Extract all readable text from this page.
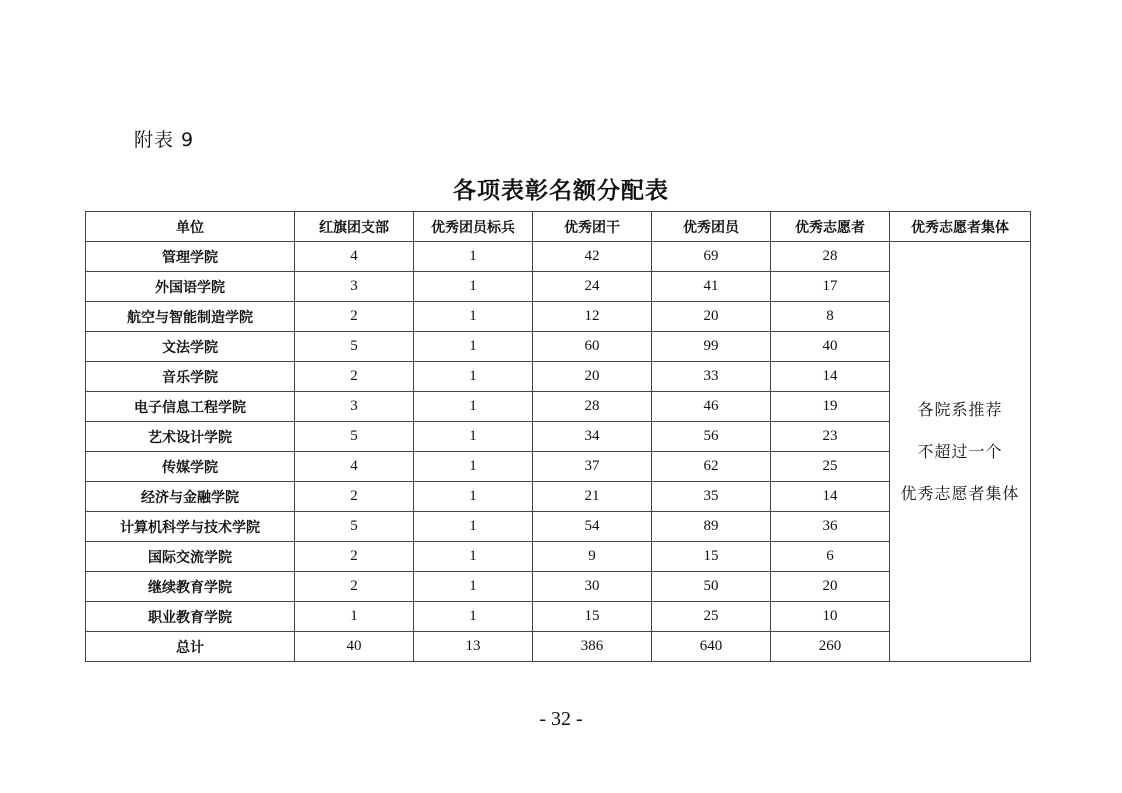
附表 9
各项表彰名额分配表
单位	红旗团支部	优秀团员标兵	优秀团干	优秀团员	优秀志愿者	优秀志愿者集体
管理学院	4	1	42	69	28	各院系推荐
不超过一个
优秀志愿者集体

外国语学院	3	1	24	41	17	
航空与智能制造学院	2	1	12	20	8	
文法学院	5	1	60	99	40	
音乐学院	2	1	20	33	14	
电子信息工程学院	3	1	28	46	19	
艺术设计学院	5	1	34	56	23	
传媒学院	4	1	37	62	25	
经济与金融学院	2	1	21	35	14	
计算机科学与技术学院	5	1	54	89	36	
国际交流学院	2	1	9	15	6	
继续教育学院	2	1	30	50	20	
职业教育学院	1	1	15	25	10	
总计	40	13	386	640	260	
- 32 -
